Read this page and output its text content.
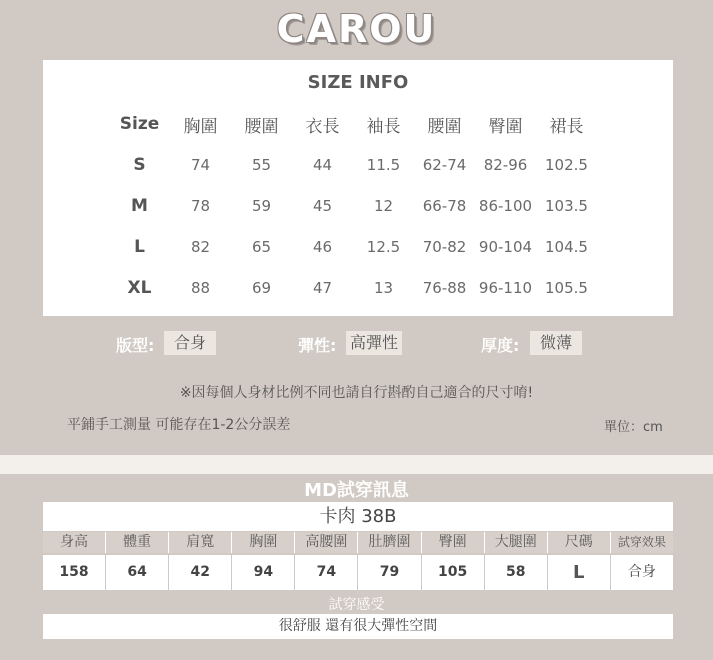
CAROU
SIZE INFO
Size	胸圍	腰圍	衣長	袖長	腰圍	臀圍	裙長
S	74	55	44	11.5	62-74	82-96	102.5
M	78	59	45	12	66-78	86-100	103.5
L	82	65	46	12.5	70-82	90-104	104.5
XL	88	69	47	13	76-88	96-110	105.5
版型:	合身	彈性: 高彈性	厚度:	微薄
※因每個人身材比例不同也請自行斟酌自己適合的尺寸唷!
平鋪手工測量 可能存在1-2公分誤差	單位：cm
MD試穿訊息
卡肉 38B
身高	體重	肩寬	胸圍	高腰圍	肚臍圍	臀圍	大腿圍	尺碼	試穿效果
158	64	42	94	74	79	105	58	L	合身
試穿感受
很舒服 還有很大彈性空間
